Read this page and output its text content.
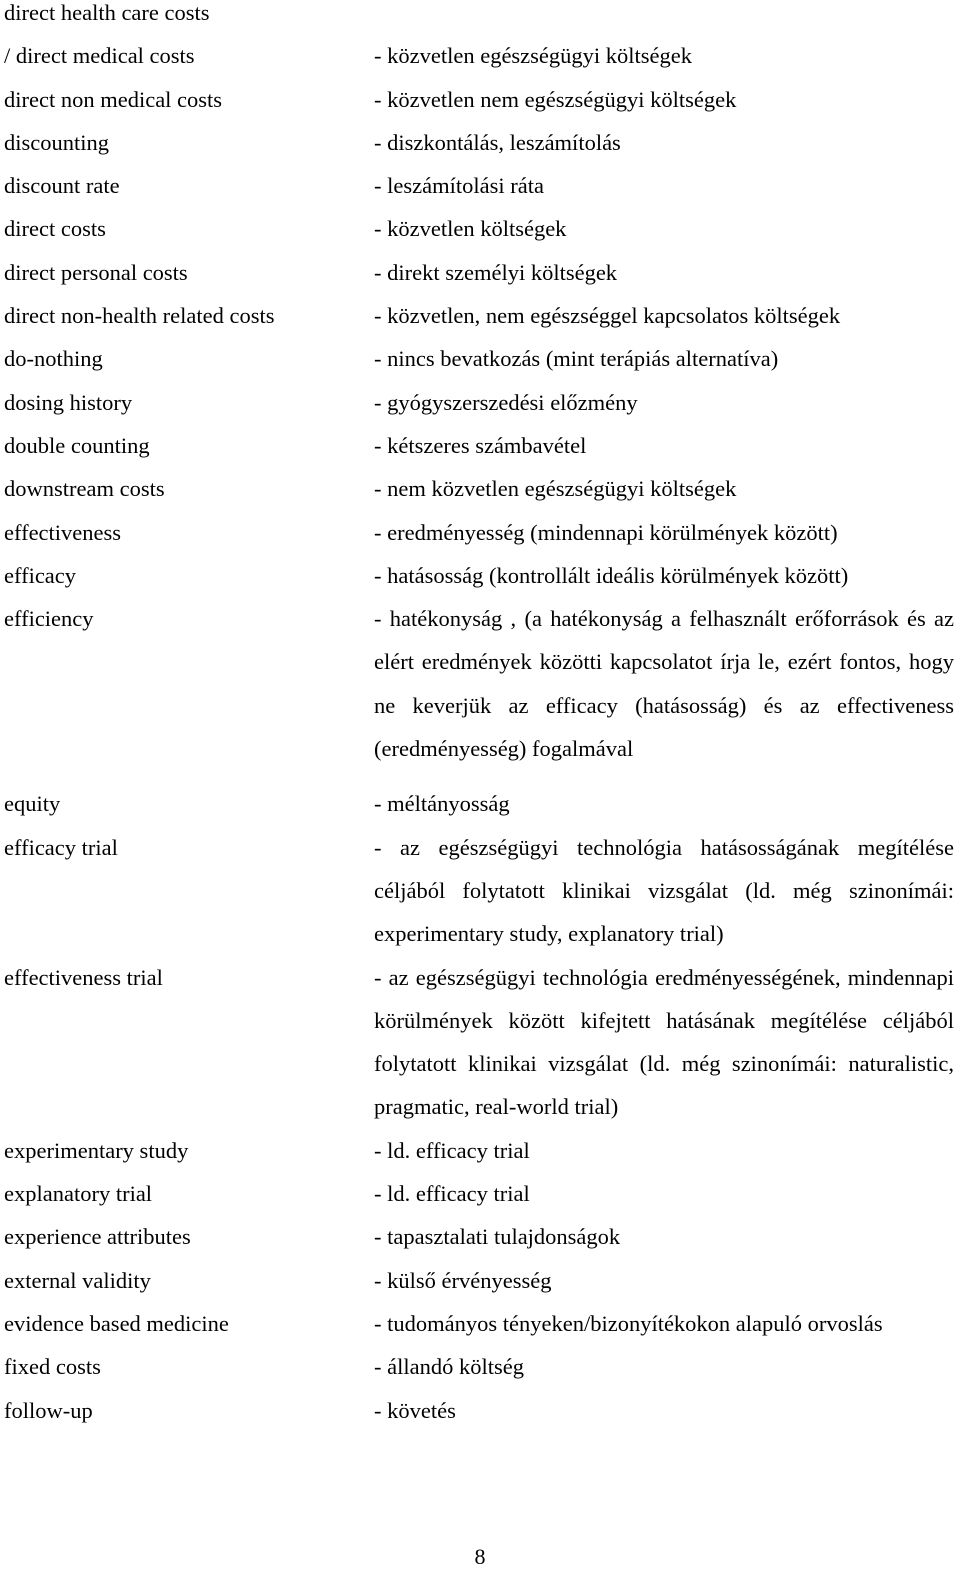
direct health care costs
/ direct medical costs	- közvetlen egészségügyi költségek
direct non medical costs	- közvetlen nem egészségügyi költségek
discounting	- diszkontálás, leszámítolás
discount rate	- leszámítolási ráta
direct costs	- közvetlen költségek
direct personal costs	- direkt személyi költségek
direct non-health related costs	- közvetlen, nem egészséggel kapcsolatos költségek
do-nothing	- nincs bevatkozás (mint terápiás alternatíva)
dosing history	- gyógyszerszedési előzmény
double counting	- kétszeres számbavétel
downstream costs	- nem közvetlen egészségügyi költségek
effectiveness	- eredményesség (mindennapi körülmények között)
efficacy	- hatásosság (kontrollált ideális körülmények között)
efficiency	- hatékonyság , (a hatékonyság a felhasznált erőforrások és az elért eredmények közötti kapcsolatot írja le, ezért fontos, hogy ne keverjük az efficacy (hatásosság) és az effectiveness (eredményesség) fogalmával
equity	- méltányosság
efficacy trial	- az egészségügyi technológia hatásosságának megítélése céljából folytatott klinikai vizsgálat (ld. még szinonímái: experimentary study, explanatory trial)
effectiveness trial	- az egészségügyi technológia eredményességének, mindennapi körülmények között kifejtett hatásának megítélése céljából folytatott klinikai vizsgálat (ld. még szinonímái: naturalistic, pragmatic, real-world trial)
experimentary study	- ld. efficacy trial
explanatory trial	- ld. efficacy trial
experience attributes	- tapasztalati tulajdonságok
external validity	- külső érvényesség
evidence based medicine	- tudományos tényeken/bizonyítékokon alapuló orvoslás
fixed costs	- állandó költség
follow-up	- követés
8
